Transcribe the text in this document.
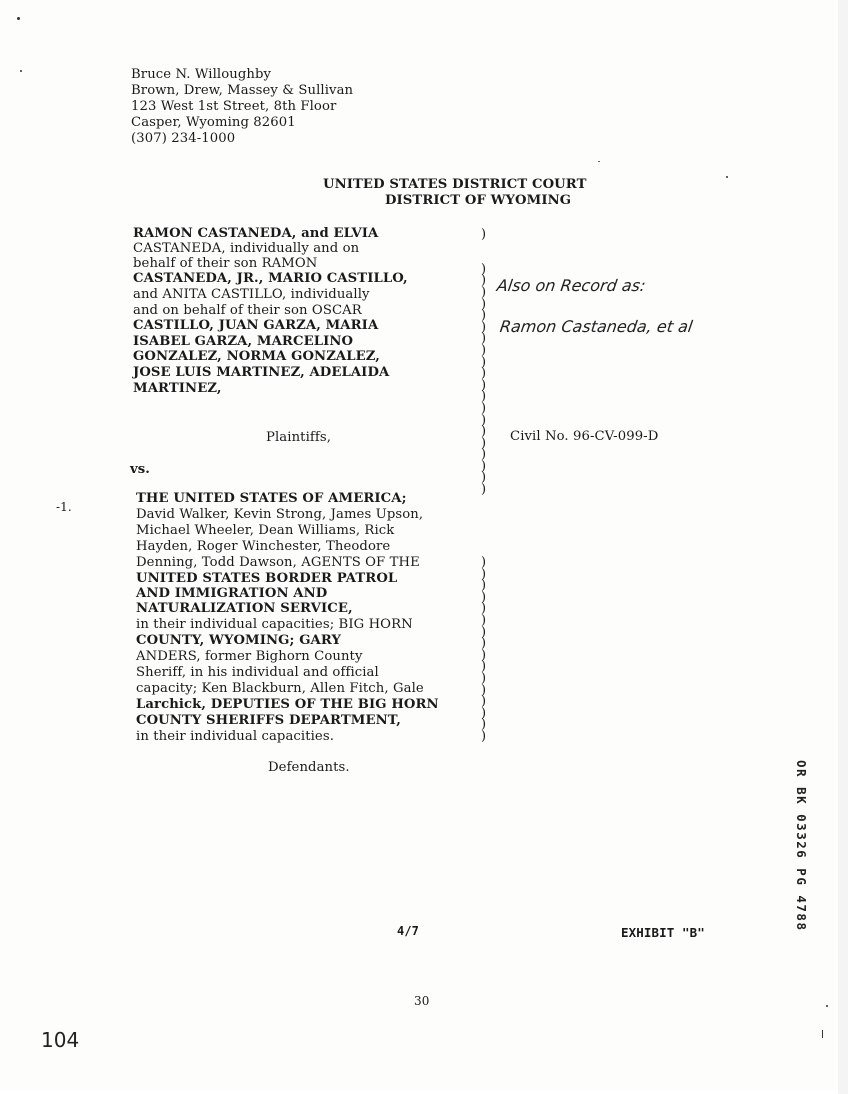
Bruce N. Willoughby
Brown, Drew, Massey & Sullivan
123 West 1st Street, 8th Floor
Casper, Wyoming 82601
(307) 234-1000
UNITED STATES DISTRICT COURT
DISTRICT OF WYOMING
RAMON CASTANEDA, and ELVIA
CASTANEDA, individually and on
behalf of their son RAMON
CASTANEDA, JR., MARIO CASTILLO,
and ANITA CASTILLO, individually
and on behalf of their son OSCAR
CASTILLO, JUAN GARZA, MARIA
ISABEL GARZA, MARCELINO
GONZALEZ, NORMA GONZALEZ,
JOSE LUIS MARTINEZ, ADELAIDA
MARTINEZ,
Plaintiffs,
vs.
THE UNITED STATES OF AMERICA;
David Walker, Kevin Strong, James Upson,
Michael Wheeler, Dean Williams, Rick
Hayden, Roger Winchester, Theodore
Denning, Todd Dawson, AGENTS OF THE
UNITED STATES BORDER PATROL
AND IMMIGRATION AND
NATURALIZATION SERVICE,
in their individual capacities; BIG HORN
COUNTY, WYOMING; GARY
ANDERS, former Bighorn County
Sheriff, in his individual and official
capacity; Ken Blackburn, Allen Fitch, Gale
Larchick, DEPUTIES OF THE BIG HORN
COUNTY SHERIFFS DEPARTMENT,
in their individual capacities.
Defendants.
)

)
)
)
)
)
)
)
)
)
)
)
)
)
)
)
)
)
)
)
)
)
)
)
)
)
)
)
)
)
)
)
)
)
)
)
)
Civil No. 96-CV-099-D
Also on Record as:
Ramon Castaneda, et al
104
-1.
4/7	EXHIBIT "B"
30
OR BK 03326 PG 4788
